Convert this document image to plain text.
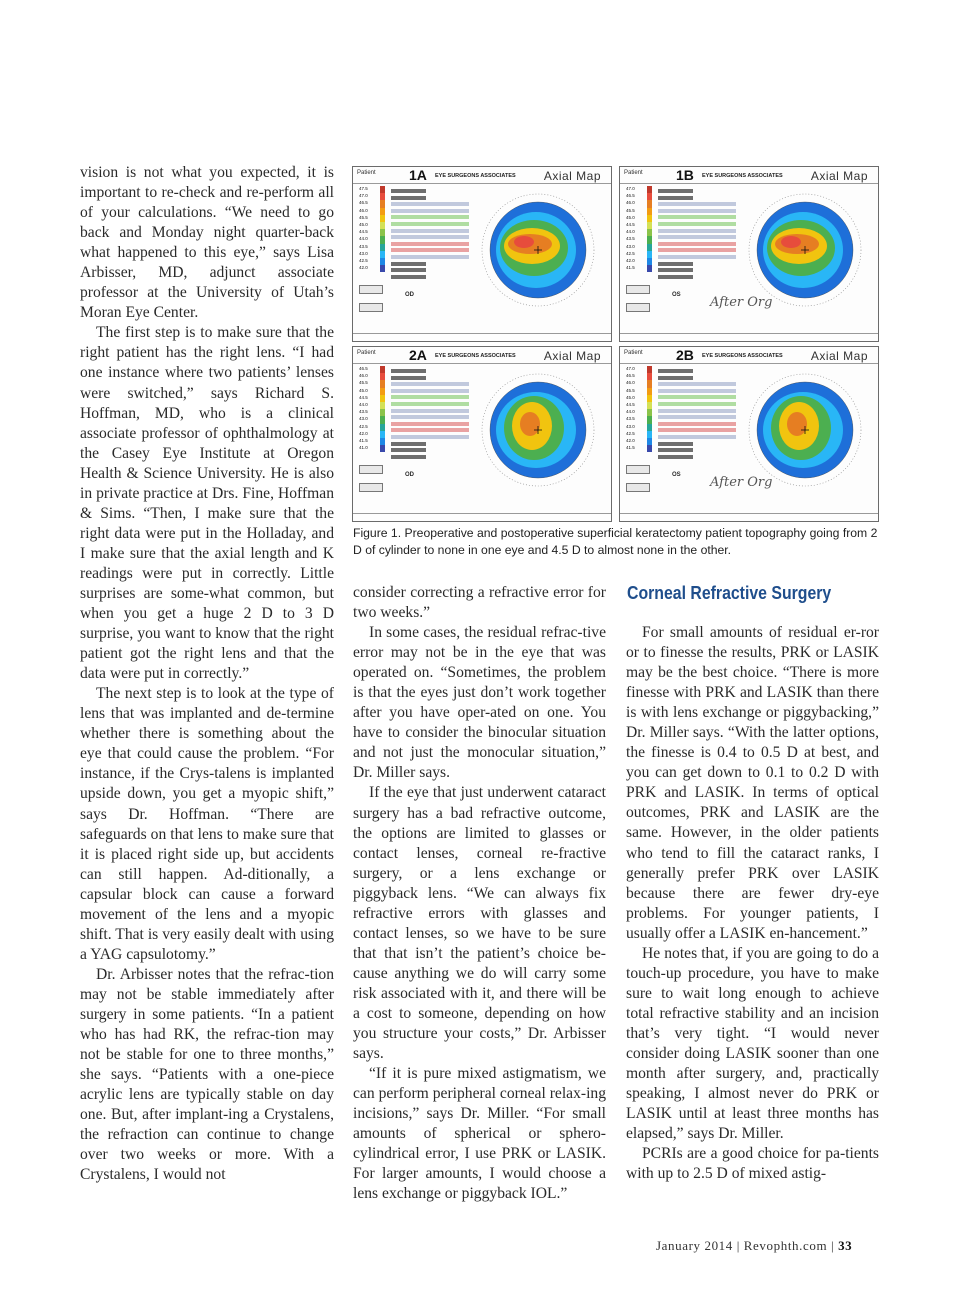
Patient 1A EYE SURGEONS ASSOCIATES Axial Map
47.5
47.0
46.5
46.0
45.5
45.0
44.5
44.0
43.5
43.0
42.5
42.0
OD
Patient 1B EYE SURGEONS ASSOCIATES Axial Map
47.0
46.5
46.0
45.5
45.0
44.5
44.0
43.5
43.0
42.5
42.0
41.5
OS After Org
Patient 2A EYE SURGEONS ASSOCIATES Axial Map
46.5
46.0
45.5
45.0
44.5
44.0
43.5
43.0
42.5
42.0
41.5
41.0
OD
Patient 2B EYE SURGEONS ASSOCIATES Axial Map
47.0
46.5
46.0
45.5
45.0
44.5
44.0
43.5
43.0
42.5
42.0
41.5
OS After Org
Figure 1. Preoperative and postoperative superficial keratectomy patient topography going from 2 D of cylinder to none in one eye and 4.5 D to almost none in the other.

vision is not what you expected, it is important to re-check and re-perform all of your calculations. “We need to go back and Monday night quarter-back what happened to this eye,” says Lisa Arbisser, MD, adjunct associate professor at the University of Utah’s Moran Eye Center.

The first step is to make sure that the right patient has the right lens. “I had one instance where two patients’ lenses were switched,” says Richard S. Hoffman, MD, who is a clinical associate professor of ophthalmology at the Casey Eye Institute at Oregon Health & Science University. He is also in private practice at Drs. Fine, Hoffman & Sims. “Then, I make sure that the right data were put in the Holladay, and I make sure that the axial length and K readings were put in correctly. Little surprises are some-what common, but when you get a huge 2 D to 3 D surprise, you want to know that the right patient got the right lens and that the data were put in correctly.”

The next step is to look at the type of lens that was implanted and de-termine whether there is something about the eye that could cause the problem. “For instance, if the Crys-talens is implanted upside down, you get a myopic shift,” says Dr. Hoffman. “There are safeguards on that lens to make sure that it is placed right side up, but accidents can still happen. Ad-ditionally, a capsular block can cause a forward movement of the lens and a myopic shift. That is very easily dealt with using a YAG capsulotomy.”

Dr. Arbisser notes that the refrac-tion may not be stable immediately after surgery in some patients. “In a patient who has had RK, the refrac-tion may not be stable for one to three months,” she says. “Patients with a one-piece acrylic lens are typically stable on day one. But, after implant-ing a Crystalens, the refraction can continue to change over two weeks or more. With a Crystalens, I would not

consider correcting a refractive error for two weeks.”

In some cases, the residual refrac-tive error may not be in the eye that was operated on. “Sometimes, the problem is that the eyes just don’t work together after you have oper-ated on one. You have to consider the binocular situation and not just the monocular situation,” Dr. Miller says.

If the eye that just underwent cataract surgery has a bad refractive outcome, the options are limited to glasses or contact lenses, corneal re-fractive surgery, or a lens exchange or piggyback lens. “We can always fix refractive errors with glasses and contact lenses, so we have to be sure that that isn’t the patient’s choice be-cause anything we do will carry some risk associated with it, and there will be a cost to someone, depending on how you structure your costs,” Dr. Arbisser says.

“If it is pure mixed astigmatism, we can perform peripheral corneal relax-ing incisions,” says Dr. Miller. “For small amounts of spherical or sphero-cylindrical error, I use PRK or LASIK. For larger amounts, I would choose a lens exchange or piggyback IOL.”

Corneal Refractive Surgery

For small amounts of residual er-ror or to finesse the results, PRK or LASIK may be the best choice. “There is more finesse with PRK and LASIK than there is with lens exchange or piggybacking,” Dr. Miller says. “With the latter options, the finesse is 0.4 to 0.5 D at best, and you can get down to 0.1 to 0.2 D with PRK and LASIK. In terms of optical outcomes, PRK and LASIK are the same. However, in the older patients who tend to fill the cataract ranks, I generally prefer PRK over LASIK because there are fewer dry-eye problems. For younger patients, I usually offer a LASIK en-hancement.”

He notes that, if you are going to do a touch-up procedure, you have to make sure to wait long enough to achieve total refractive stability and an incision that’s very tight. “I would never consider doing LASIK sooner than one month after surgery, and, practically speaking, I almost never do PRK or LASIK until at least three months has elapsed,” says Dr. Miller.

PCRIs are a good choice for pa-tients with up to 2.5 D of mixed astig-

January 2014 | Revophth.com | 33
